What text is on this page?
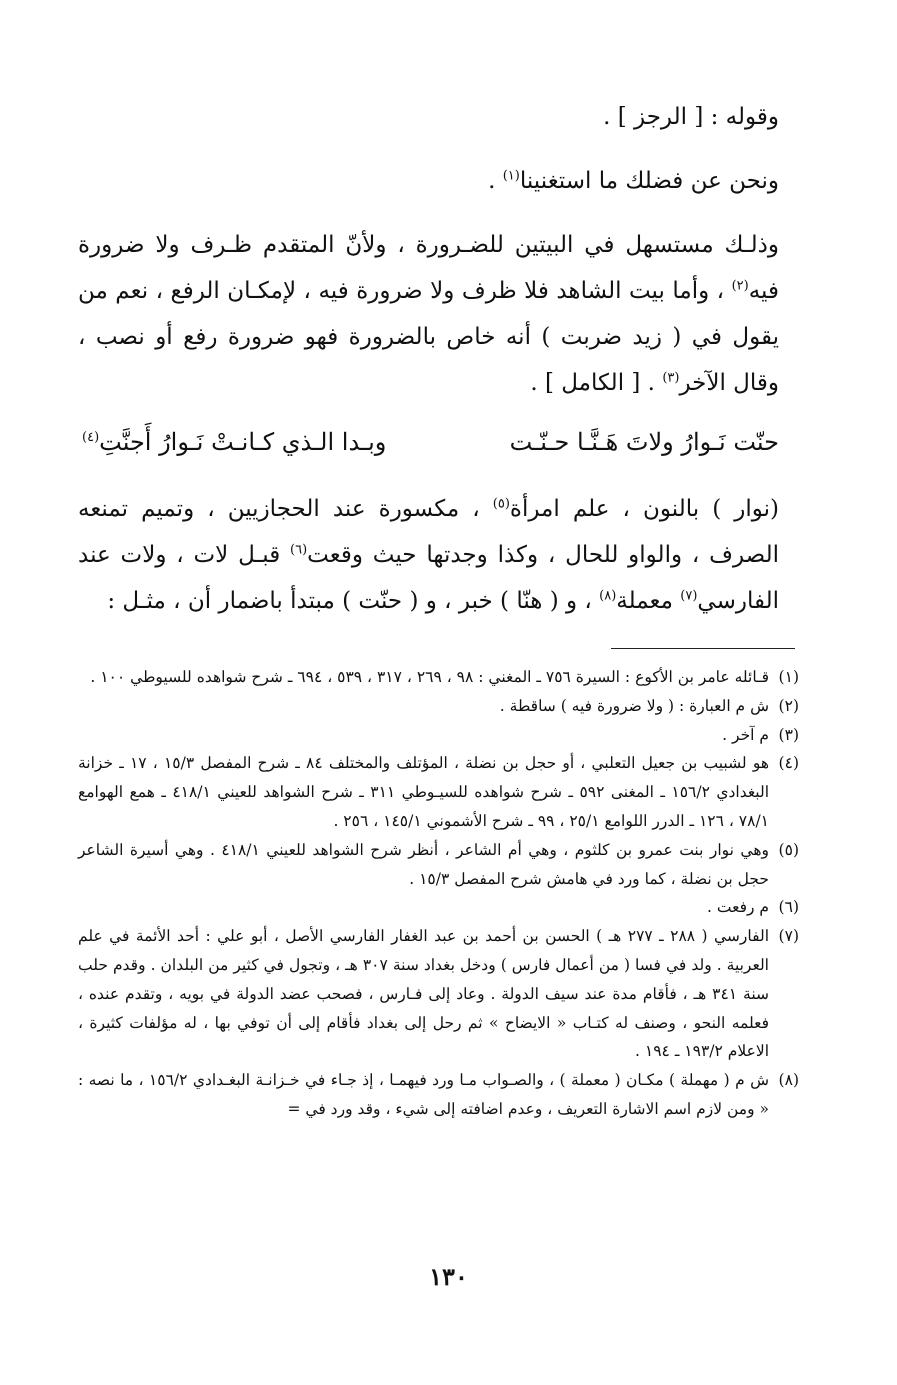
وقوله : [ الرجز ] .
ونحن عن فضلك ما استغنينا$^{(١)}$ .
وذلـك مستسهل في البيتين للضـرورة ، ولأنّ المتقدم ظـرف ولا ضرورة فيه$^{(٢)}$ ، وأما بيت الشاهد فلا ظرف ولا ضرورة فيه ، لإمكـان الرفع ، نعم من يقول في ( زيد ضربت ) أنه خاص بالضرورة فهو ضرورة رفع أو نصب ، وقال الآخر$^{(٣)}$ . [ الكامل ] .
حنّت نَـوارُ ولاتَ هَـنَّـا حـنّـت
وبـدا الـذي كـانـتْ نَـوارُ أَجنَّتِ$^{(٤)}$
(نوار ) بالنون ، علم امرأة$^{(٥)}$ ، مكسورة عند الحجازيين ، وتميم تمنعه الصرف ، والواو للحال ، وكذا وجدتها حيث وقعت$^{(٦)}$ قبـل لات ، ولات عند الفارسي$^{(٧)}$ معملة$^{(٨)}$ ، و ( هنّا ) خبر ، و ( حنّت ) مبتدأ باضمار أن ، مثـل :
(١)
قـائله عامر بن الأكوع : السيرة ٧٥٦ ـ المغني : ٩٨ ، ٢٦٩ ، ٣١٧ ، ٥٣٩ ، ٦٩٤ ـ شرح شواهده للسيوطي ١٠٠ .
(٢)
ش م العبارة : ( ولا ضرورة فيه ) ساقطة .
(٣)
م آخر .
(٤)
هو لشبيب بن جعيل التعلبي ، أو حجل بن نضلة ، المؤتلف والمختلف ٨٤ ـ شرح المفصل ١٥/٣ ، ١٧ ـ خزانة البغدادي ١٥٦/٢ ـ المغنى ٥٩٢ ـ شرح شواهده للسيـوطي ٣١١ ـ شرح الشواهد للعيني ٤١٨/١ ـ همع الهوامع ٧٨/١ ، ١٢٦ ـ الدرر اللوامع ٢٥/١ ، ٩٩ ـ شرح الأشموني ١٤٥/١ ، ٢٥٦ .
(٥)
وهي نوار بنت عمرو بن كلثوم ، وهي أم الشاعر ، أنظر شرح الشواهد للعيني ٤١٨/١ . وهي أسيرة الشاعر حجل بن نضلة ، كما ورد في هامش شرح المفصل ١٥/٣ .
(٦)
م رفعت .
(٧)
الفارسي ( ٢٨٨ ـ ٢٧٧ هـ ) الحسن بن أحمد بن عبد الغفار الفارسي الأصل ، أبو علي : أحد الأئمة في علم العربية . ولد في فسا ( من أعمال فارس ) ودخل بغداد سنة ٣٠٧ هـ ، وتجول في كثير من البلدان . وقدم حلب سنة ٣٤١ هـ ، فأقام مدة عند سيف الدولة . وعاد إلى فـارس ، فصحب عضد الدولة في بويه ، وتقدم عنده ، فعلمه النحو ، وصنف له كتـاب « الايضاح » ثم رحل إلى بغداد فأقام إلى أن توفي بها ، له مؤلفات كثيرة ، الاعلام ١٩٣/٢ ـ ١٩٤ .
(٨)
ش م ( مهملة ) مكـان ( معملة ) ، والصـواب مـا ورد فيهمـا ، إذ جـاء في خـزانـة البغـدادي ١٥٦/٢ ، ما نصه : « ومن لازم اسم الاشارة التعريف ، وعدم اضافته إلى شيء ، وقد ورد في =
١٣٠
